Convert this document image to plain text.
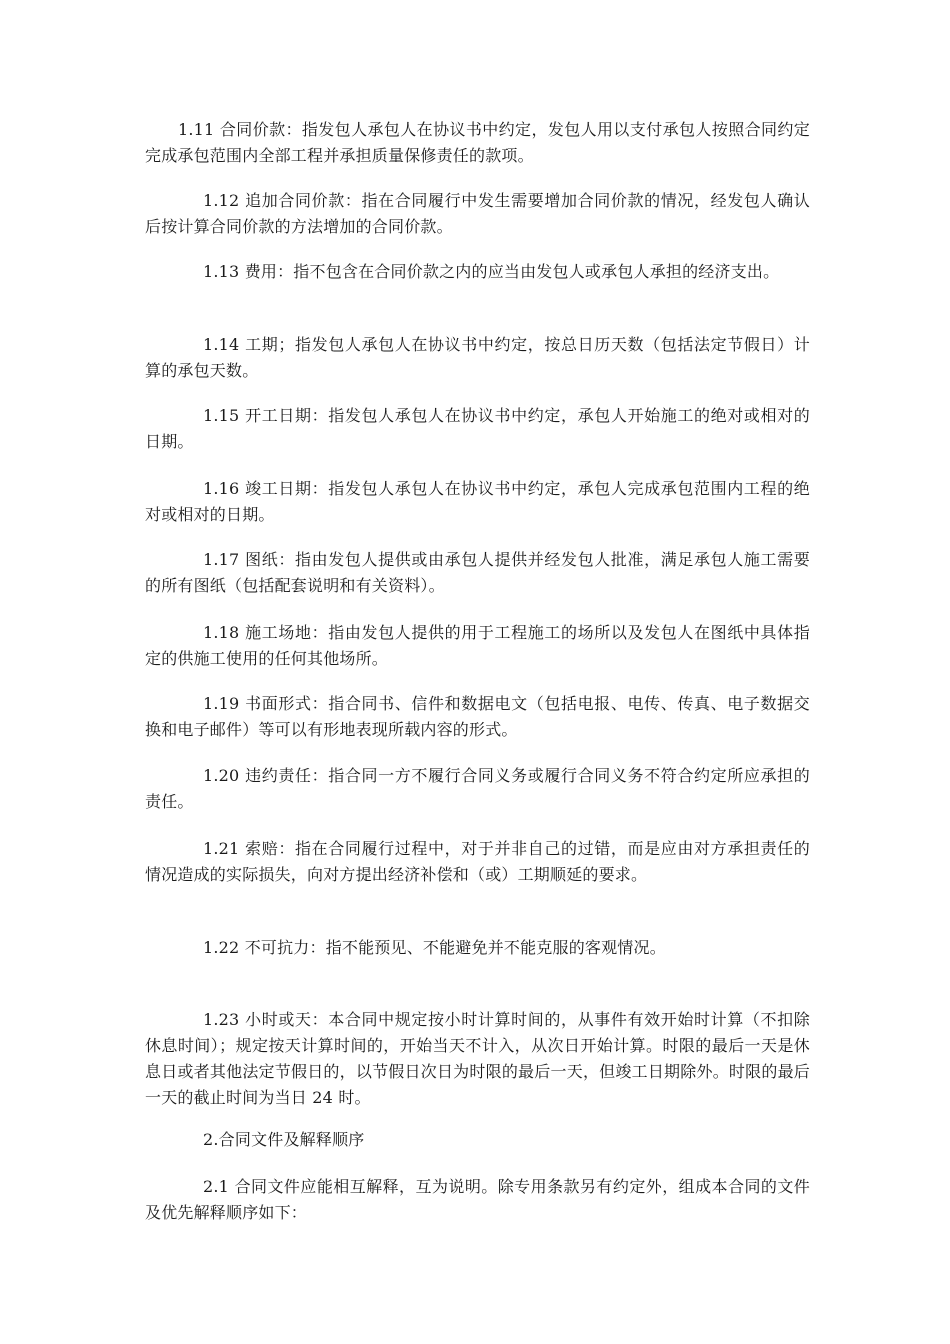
1.11 合同价款：指发包人承包人在协议书中约定，发包人用以支付承包人按照合同约定完成承包范围内全部工程并承担质量保修责任的款项。

1.12 追加合同价款：指在合同履行中发生需要增加合同价款的情况，经发包人确认后按计算合同价款的方法增加的合同价款。

1.13 费用：指不包含在合同价款之内的应当由发包人或承包人承担的经济支出。

1.14 工期；指发包人承包人在协议书中约定，按总日历天数（包括法定节假日）计算的承包天数。

1.15 开工日期：指发包人承包人在协议书中约定，承包人开始施工的绝对或相对的日期。

1.16 竣工日期：指发包人承包人在协议书中约定，承包人完成承包范围内工程的绝对或相对的日期。

1.17 图纸：指由发包人提供或由承包人提供并经发包人批准，满足承包人施工需要的所有图纸（包括配套说明和有关资料）。

1.18 施工场地：指由发包人提供的用于工程施工的场所以及发包人在图纸中具体指定的供施工使用的任何其他场所。

1.19 书面形式：指合同书、信件和数据电文（包括电报、电传、传真、电子数据交换和电子邮件）等可以有形地表现所载内容的形式。

1.20 违约责任：指合同一方不履行合同义务或履行合同义务不符合约定所应承担的责任。

1.21 索赔：指在合同履行过程中，对于并非自己的过错，而是应由对方承担责任的情况造成的实际损失，向对方提出经济补偿和（或）工期顺延的要求。

1.22 不可抗力：指不能预见、不能避免并不能克服的客观情况。

1.23 小时或天：本合同中规定按小时计算时间的，从事件有效开始时计算（不扣除休息时间）；规定按天计算时间的，开始当天不计入，从次日开始计算。时限的最后一天是休息日或者其他法定节假日的，以节假日次日为时限的最后一天，但竣工日期除外。时限的最后一天的截止时间为当日 24 时。

2.合同文件及解释顺序

2.1 合同文件应能相互解释，互为说明。除专用条款另有约定外，组成本合同的文件及优先解释顺序如下：
